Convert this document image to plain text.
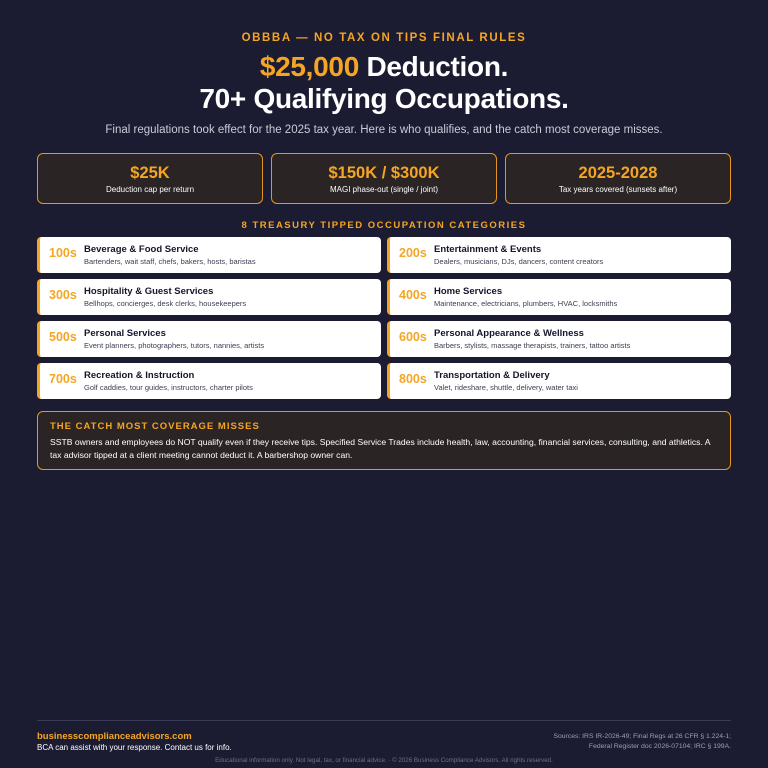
OBBBA — NO TAX ON TIPS FINAL RULES
$25,000 Deduction.
70+ Qualifying Occupations.
Final regulations took effect for the 2025 tax year. Here is who qualifies, and the catch most coverage misses.
$25K
Deduction cap per return
$150K / $300K
MAGI phase-out (single / joint)
2025-2028
Tax years covered (sunsets after)
8 TREASURY TIPPED OCCUPATION CATEGORIES
100s Beverage & Food Service
Bartenders, wait staff, chefs, bakers, hosts, baristas
200s Entertainment & Events
Dealers, musicians, DJs, dancers, content creators
300s Hospitality & Guest Services
Bellhops, concierges, desk clerks, housekeepers
400s Home Services
Maintenance, electricians, plumbers, HVAC, locksmiths
500s Personal Services
Event planners, photographers, tutors, nannies, artists
600s Personal Appearance & Wellness
Barbers, stylists, massage therapists, trainers, tattoo artists
700s Recreation & Instruction
Golf caddies, tour guides, instructors, charter pilots
800s Transportation & Delivery
Valet, rideshare, shuttle, delivery, water taxi
THE CATCH MOST COVERAGE MISSES
SSTB owners and employees do NOT qualify even if they receive tips. Specified Service Trades include health, law, accounting, financial services, consulting, and athletics. A tax advisor tipped at a client meeting cannot deduct it. A barbershop owner can.
businesscomplianceadvisors.com
BCA can assist with your response. Contact us for info.
Sources: IRS IR-2026-49; Final Regs at 26 CFR § 1.224-1;
Federal Register doc 2026-07104; IRC § 199A.
Educational information only. Not legal, tax, or financial advice. · © 2026 Business Compliance Advisors. All rights reserved.
